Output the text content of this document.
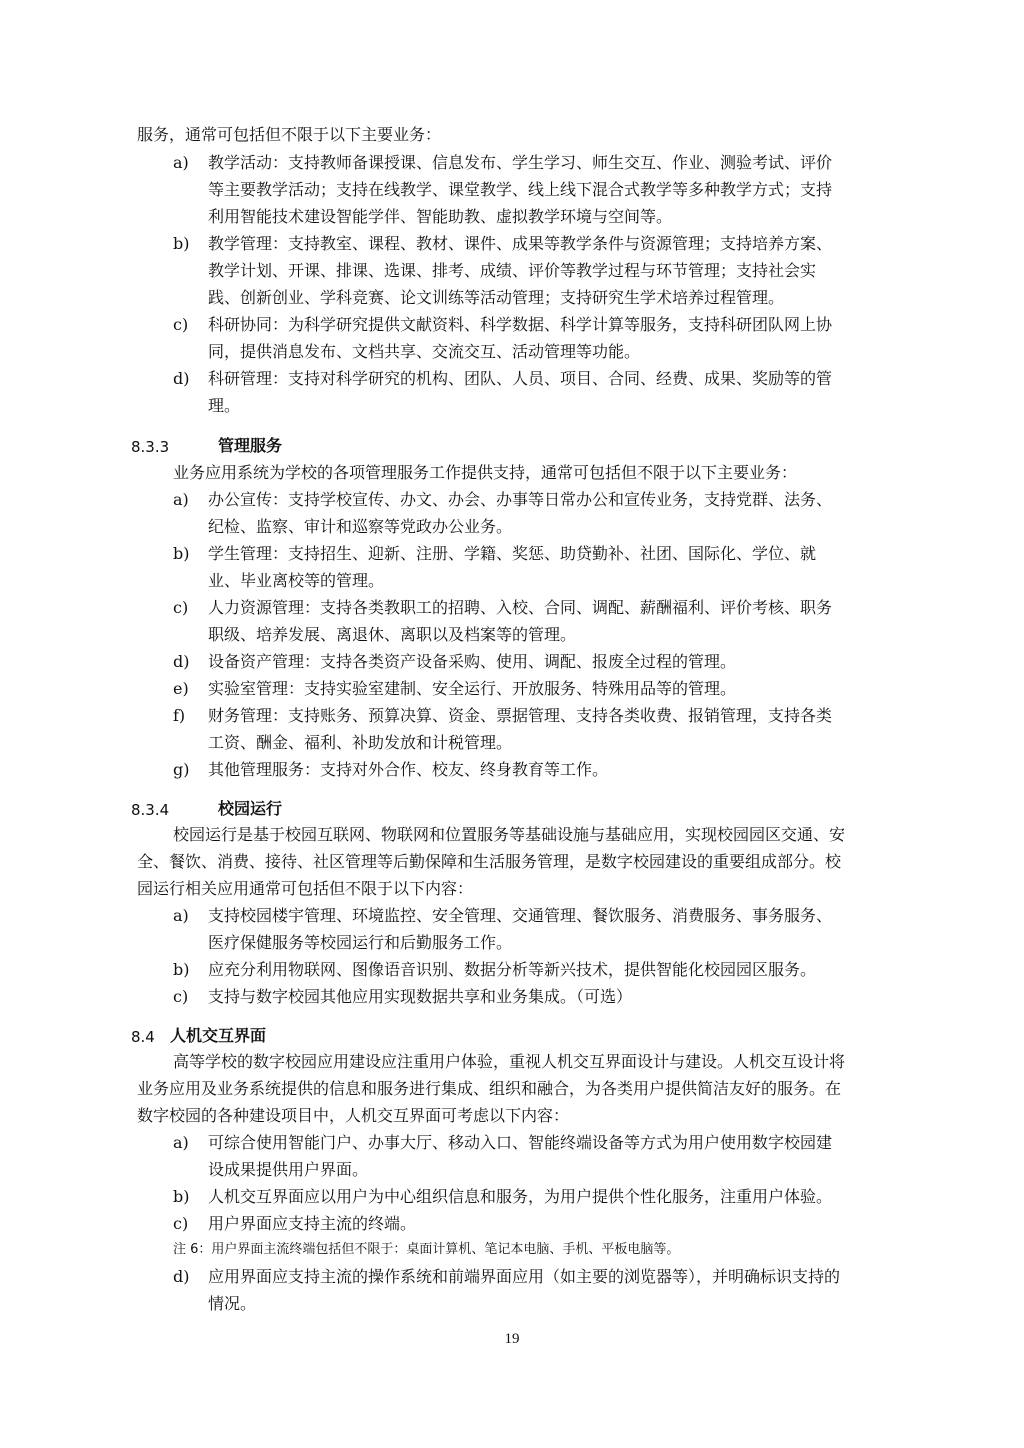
服务，通常可包括但不限于以下主要业务：
a) 教学活动：支持教师备课授课、信息发布、学生学习、师生交互、作业、测验考试、评价
等主要教学活动；支持在线教学、课堂教学、线上线下混合式教学等多种教学方式；支持
利用智能技术建设智能学伴、智能助教、虚拟教学环境与空间等。
b) 教学管理：支持教室、课程、教材、课件、成果等教学条件与资源管理；支持培养方案、
教学计划、开课、排课、选课、排考、成绩、评价等教学过程与环节管理；支持社会实
践、创新创业、学科竞赛、论文训练等活动管理；支持研究生学术培养过程管理。
c) 科研协同：为科学研究提供文献资料、科学数据、科学计算等服务，支持科研团队网上协
同，提供消息发布、文档共享、交流交互、活动管理等功能。
d) 科研管理：支持对科学研究的机构、团队、人员、项目、合同、经费、成果、奖励等的管
理。
8.3.3	管理服务
业务应用系统为学校的各项管理服务工作提供支持，通常可包括但不限于以下主要业务：
a) 办公宣传：支持学校宣传、办文、办会、办事等日常办公和宣传业务，支持党群、法务、
纪检、监察、审计和巡察等党政办公业务。
b) 学生管理：支持招生、迎新、注册、学籍、奖惩、助贷勤补、社团、国际化、学位、就
业、毕业离校等的管理。
c) 人力资源管理：支持各类教职工的招聘、入校、合同、调配、薪酬福利、评价考核、职务
职级、培养发展、离退休、离职以及档案等的管理。
d) 设备资产管理：支持各类资产设备采购、使用、调配、报废全过程的管理。
e) 实验室管理：支持实验室建制、安全运行、开放服务、特殊用品等的管理。
f) 财务管理：支持账务、预算决算、资金、票据管理、支持各类收费、报销管理，支持各类
工资、酬金、福利、补助发放和计税管理。
g) 其他管理服务：支持对外合作、校友、终身教育等工作。
8.3.4	校园运行
校园运行是基于校园互联网、物联网和位置服务等基础设施与基础应用，实现校园园区交通、安
全、餐饮、消费、接待、社区管理等后勤保障和生活服务管理，是数字校园建设的重要组成部分。校
园运行相关应用通常可包括但不限于以下内容：
a) 支持校园楼宇管理、环境监控、安全管理、交通管理、餐饮服务、消费服务、事务服务、
医疗保健服务等校园运行和后勤服务工作。
b) 应充分利用物联网、图像语音识别、数据分析等新兴技术，提供智能化校园园区服务。
c) 支持与数字校园其他应用实现数据共享和业务集成。（可选）
8.4 人机交互界面
高等学校的数字校园应用建设应注重用户体验，重视人机交互界面设计与建设。人机交互设计将
业务应用及业务系统提供的信息和服务进行集成、组织和融合，为各类用户提供简洁友好的服务。在
数字校园的各种建设项目中，人机交互界面可考虑以下内容：
a) 可综合使用智能门户、办事大厅、移动入口、智能终端设备等方式为用户使用数字校园建
设成果提供用户界面。
b) 人机交互界面应以用户为中心组织信息和服务，为用户提供个性化服务，注重用户体验。
c) 用户界面应支持主流的终端。
注 6：用户界面主流终端包括但不限于：桌面计算机、笔记本电脑、手机、平板电脑等。
d) 应用界面应支持主流的操作系统和前端界面应用（如主要的浏览器等），并明确标识支持的
情况。
19
